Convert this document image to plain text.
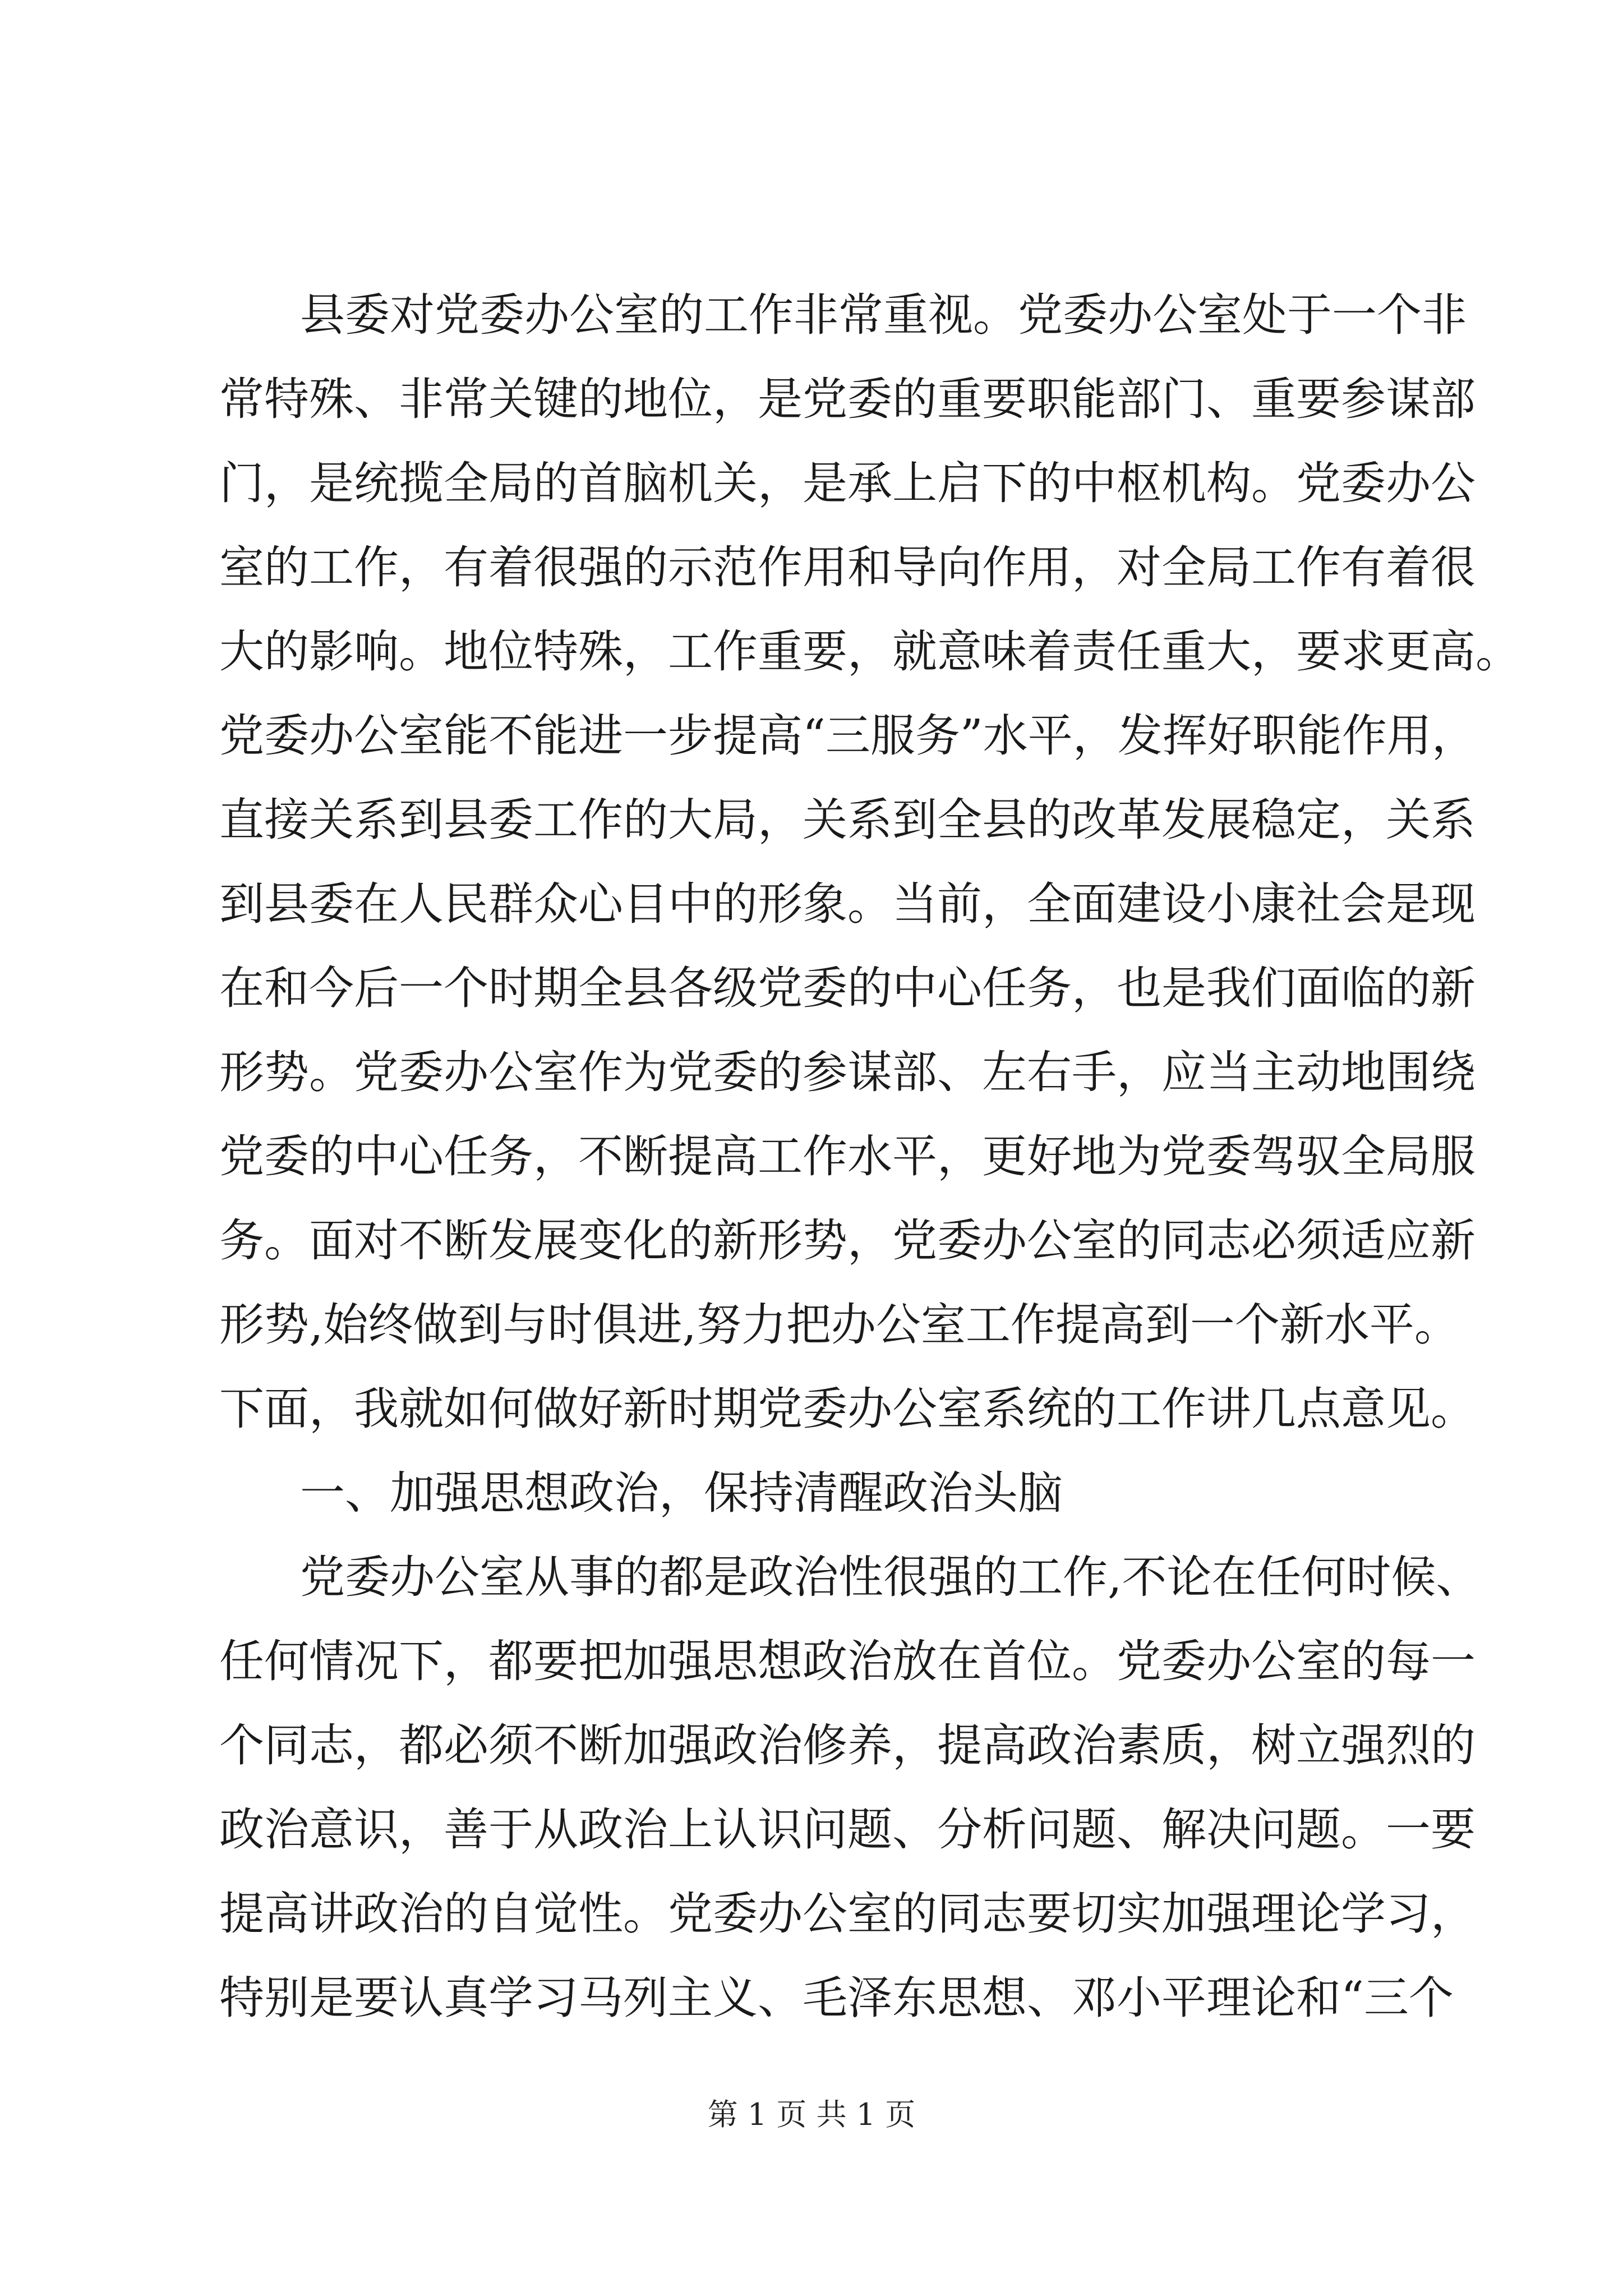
县委对党委办公室的工作非常重视。党委办公室处于一个非
常特殊、非常关键的地位，是党委的重要职能部门、重要参谋部
门，是统揽全局的首脑机关，是承上启下的中枢机构。党委办公
室的工作，有着很强的示范作用和导向作用，对全局工作有着很
大的影响。地位特殊，工作重要，就意味着责任重大，要求更高。
党委办公室能不能进一步提高“三服务”水平，发挥好职能作用，
直接关系到县委工作的大局，关系到全县的改革发展稳定，关系
到县委在人民群众心目中的形象。当前，全面建设小康社会是现
在和今后一个时期全县各级党委的中心任务，也是我们面临的新
形势。党委办公室作为党委的参谋部、左右手，应当主动地围绕
党委的中心任务，不断提高工作水平，更好地为党委驾驭全局服
务。面对不断发展变化的新形势，党委办公室的同志必须适应新
形势,始终做到与时俱进,努力把办公室工作提高到一个新水平。
下面，我就如何做好新时期党委办公室系统的工作讲几点意见。
一、加强思想政治，保持清醒政治头脑
党委办公室从事的都是政治性很强的工作,不论在任何时候、
任何情况下，都要把加强思想政治放在首位。党委办公室的每一
个同志，都必须不断加强政治修养，提高政治素质，树立强烈的
政治意识，善于从政治上认识问题、分析问题、解决问题。一要
提高讲政治的自觉性。党委办公室的同志要切实加强理论学习，
特别是要认真学习马列主义、毛泽东思想、邓小平理论和“三个
第 1 页 共 1 页
